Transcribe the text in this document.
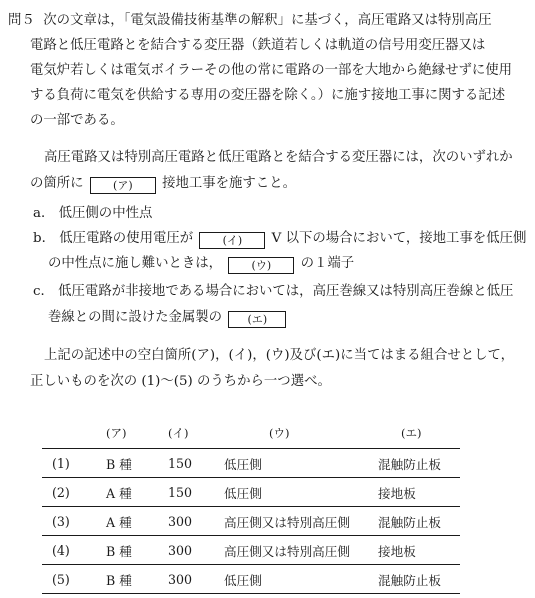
問５ 次の文章は，「電気設備技術基準の解釈」に基づく，高圧電路又は特別高圧
電路と低圧電路とを結合する変圧器（鉄道若しくは軌道の信号用変圧器又は
電気炉若しくは電気ボイラーその他の常に電路の一部を大地から絶縁せずに使用
する負荷に電気を供給する専用の変圧器を除く。）に施す接地工事に関する記述
の一部である。
高圧電路又は特別高圧電路と低圧電路とを結合する変圧器には，次のいずれか
の箇所に	(ア) 接地工事を施すこと。
a． 低圧側の中性点
b． 低圧電路の使用電圧が	(イ) V 以下の場合において，接地工事を低圧側
の中性点に施し難いときは，	(ウ) の１端子
c． 低圧電路が非接地である場合においては，高圧巻線又は特別高圧巻線と低圧
巻線との間に設けた金属製の (エ)
上記の記述中の空白箇所(ア)，(イ)，(ウ)及び(エ)に当てはまる組合せとして，
正しいものを次の (1)～(5) のうちから一つ選べ。
	(ア)	(イ)	(ウ)	(エ)
(1)	B 種	150	低圧側	混触防止板
(2)	A 種	150	低圧側	接地板
(3)	A 種	300	高圧側又は特別高圧側	混触防止板
(4)	B 種	300	高圧側又は特別高圧側	接地板
(5)	B 種	300	低圧側	混触防止板
